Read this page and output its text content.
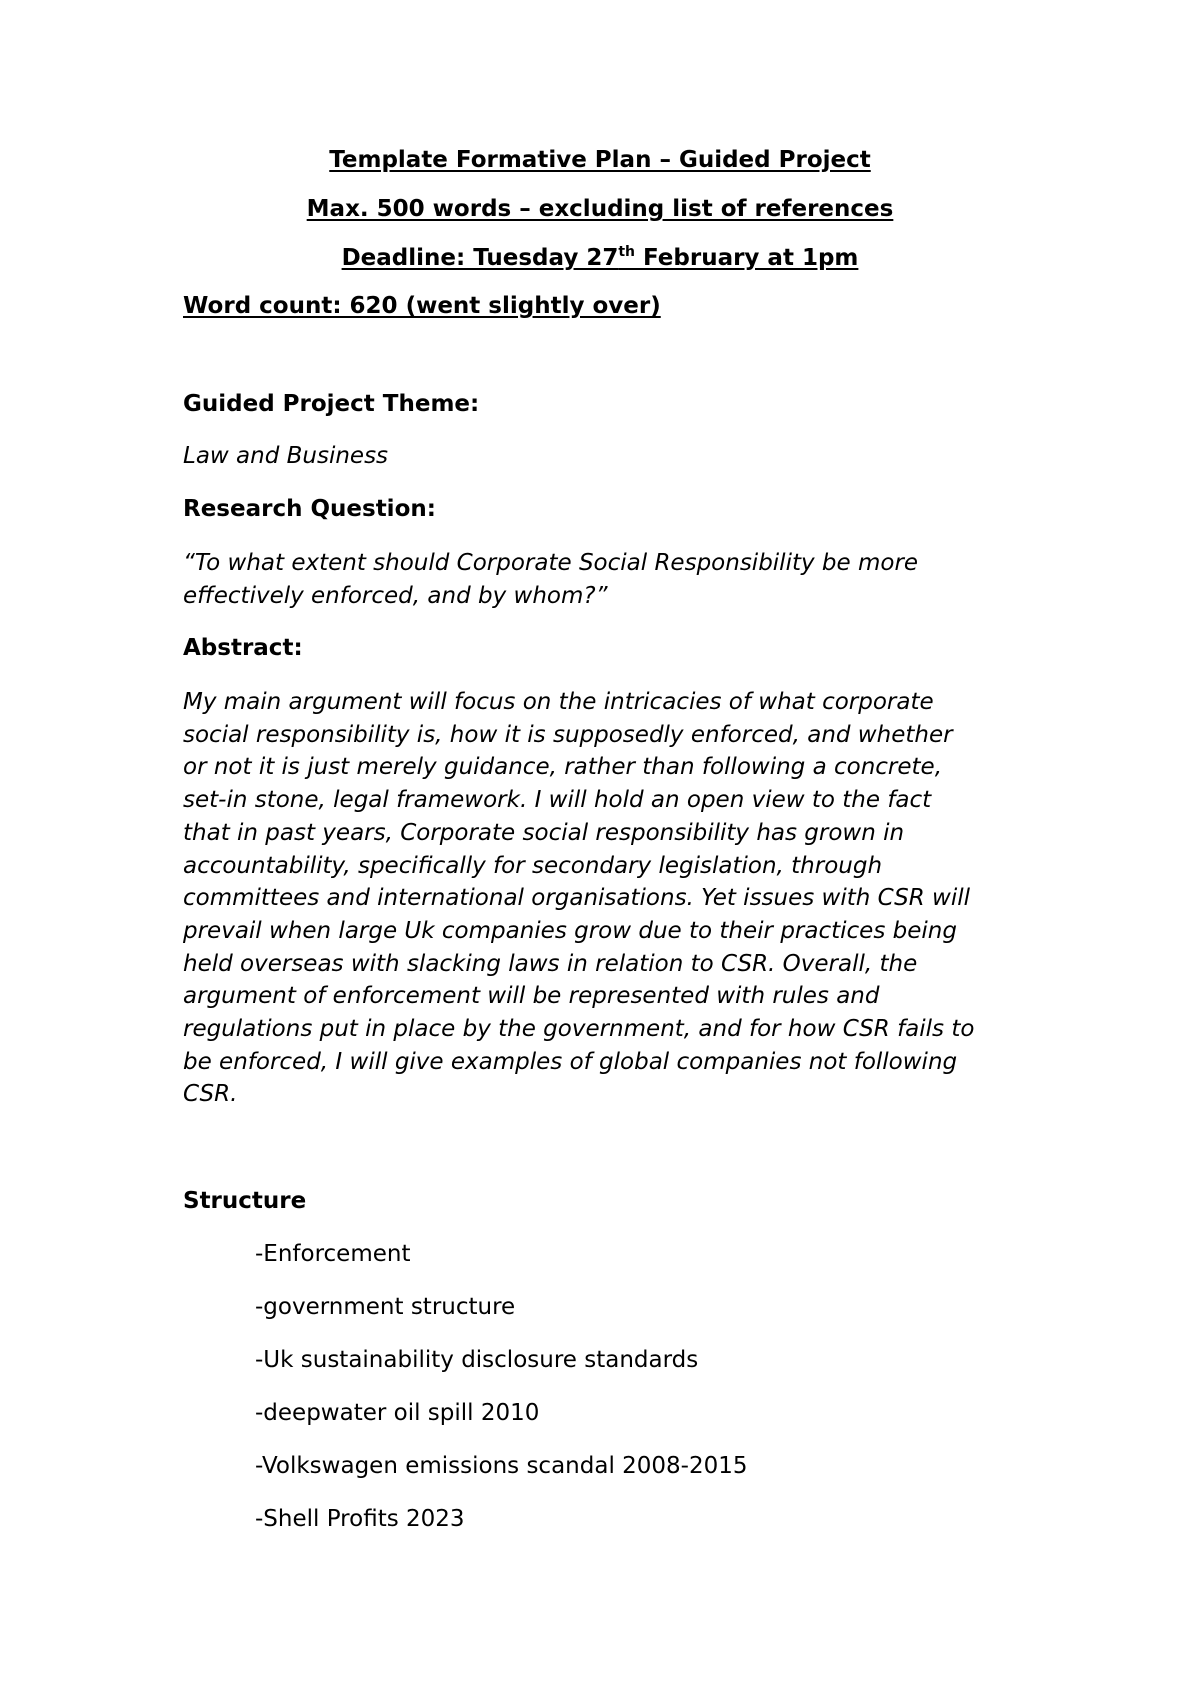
Template Formative Plan – Guided Project
Max. 500 words – excluding list of references
Deadline: Tuesday 27th February at 1pm
Word count: 620 (went slightly over)
Guided Project Theme:
Law and Business
Research Question:

“To what extent should Corporate Social Responsibility be more

effectively enforced, and by whom?”

Abstract:

My main argument will focus on the intricacies of what corporate

social responsibility is, how it is supposedly enforced, and whether

or not it is just merely guidance, rather than following a concrete,

set-in stone, legal framework. I will hold an open view to the fact

that in past years, Corporate social responsibility has grown in

accountability, specifically for secondary legislation, through

committees and international organisations. Yet issues with CSR will

prevail when large Uk companies grow due to their practices being

held overseas with slacking laws in relation to CSR. Overall, the

argument of enforcement will be represented with rules and

regulations put in place by the government, and for how CSR fails to

be enforced, I will give examples of global companies not following

CSR.

Structure
-Enforcement
-government structure
-Uk sustainability disclosure standards
-deepwater oil spill 2010
-Volkswagen emissions scandal 2008-2015
-Shell Profits 2023
